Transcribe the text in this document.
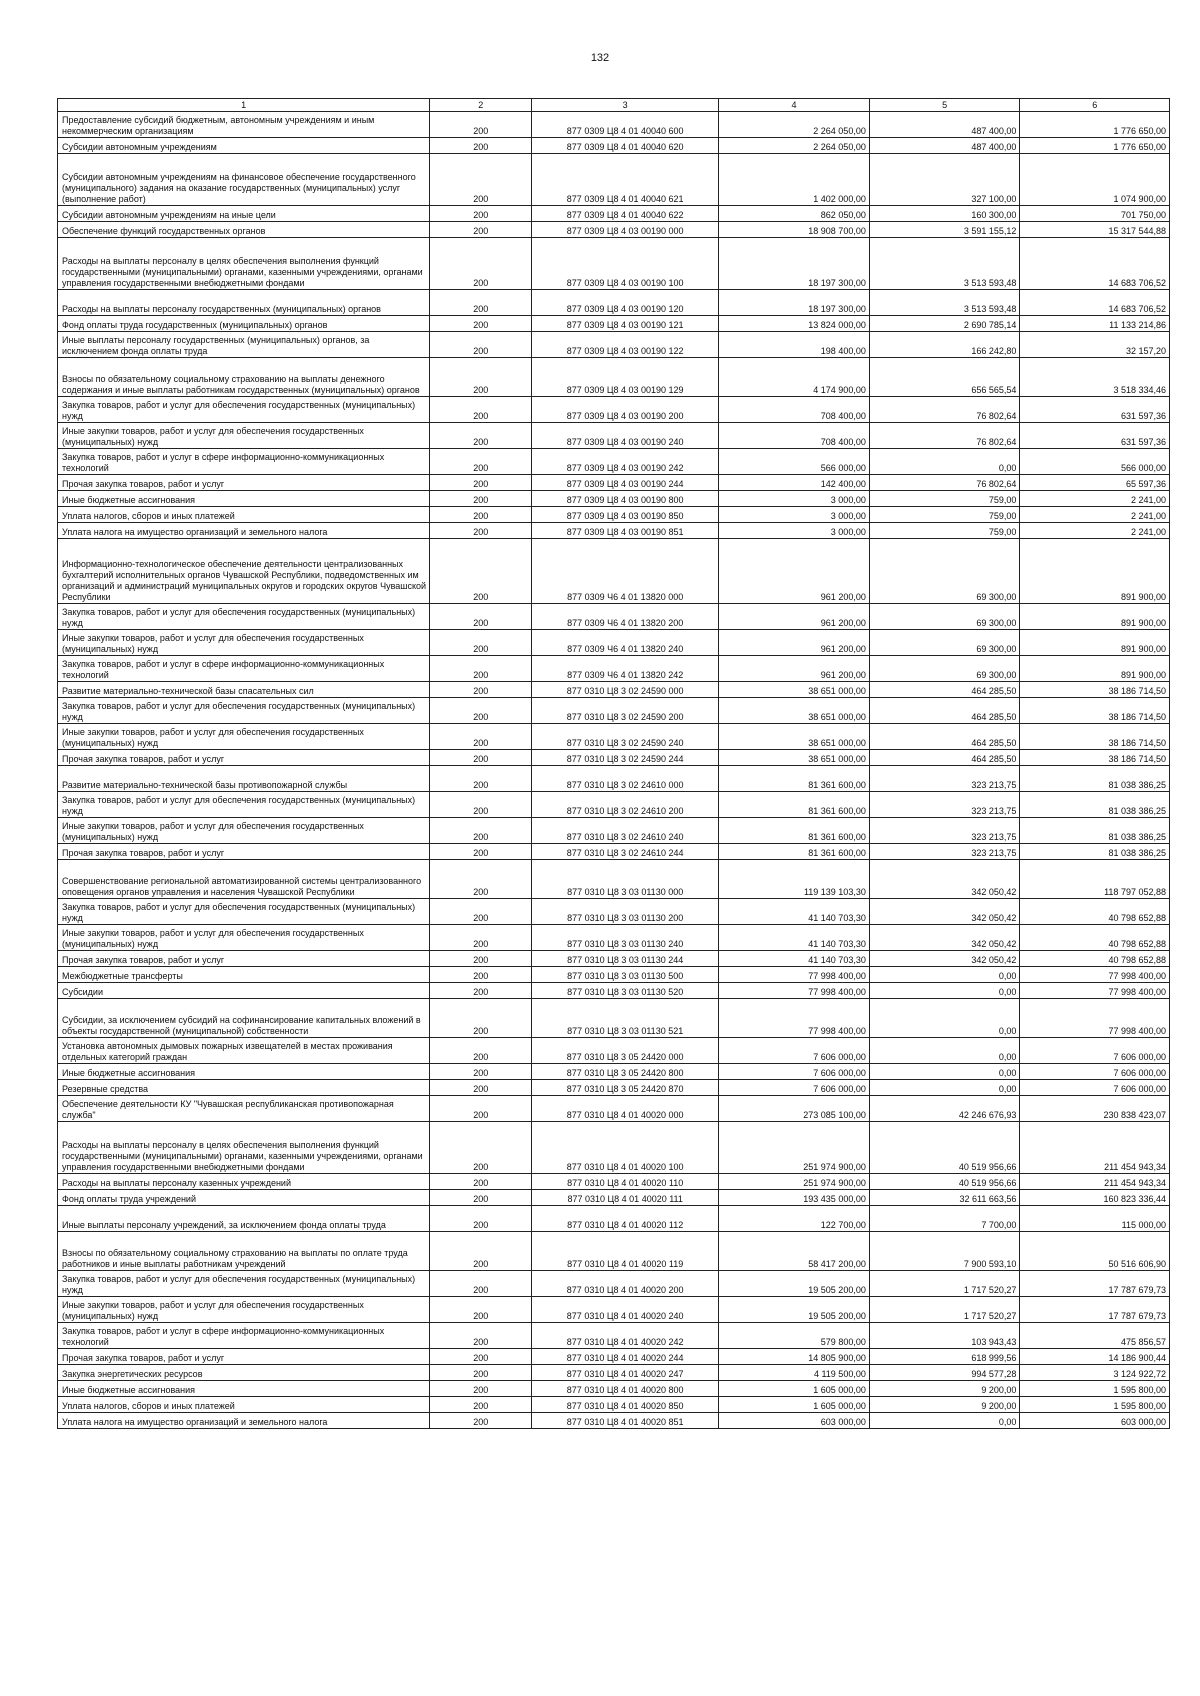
132
1	2	3	4	5	6
Предоставление субсидий бюджетным, автономным учреждениям и иным некоммерческим организациям	200	877 0309 Ц8 4 01 40040 600	2 264 050,00	487 400,00	1 776 650,00
Субсидии автономным учреждениям	200	877 0309 Ц8 4 01 40040 620	2 264 050,00	487 400,00	1 776 650,00
Субсидии автономным учреждениям на финансовое обеспечение государственного (муниципального) задания на оказание государственных (муниципальных) услуг (выполнение работ)	200	877 0309 Ц8 4 01 40040 621	1 402 000,00	327 100,00	1 074 900,00
Субсидии автономным учреждениям на иные цели	200	877 0309 Ц8 4 01 40040 622	862 050,00	160 300,00	701 750,00
Обеспечение функций государственных органов	200	877 0309 Ц8 4 03 00190 000	18 908 700,00	3 591 155,12	15 317 544,88
Расходы на выплаты персоналу в целях обеспечения выполнения функций государственными (муниципальными) органами, казенными учреждениями, органами управления государственными внебюджетными фондами	200	877 0309 Ц8 4 03 00190 100	18 197 300,00	3 513 593,48	14 683 706,52
Расходы на выплаты персоналу государственных (муниципальных) органов	200	877 0309 Ц8 4 03 00190 120	18 197 300,00	3 513 593,48	14 683 706,52
Фонд оплаты труда государственных (муниципальных) органов	200	877 0309 Ц8 4 03 00190 121	13 824 000,00	2 690 785,14	11 133 214,86
Иные выплаты персоналу государственных (муниципальных) органов, за исключением фонда оплаты труда	200	877 0309 Ц8 4 03 00190 122	198 400,00	166 242,80	32 157,20
Взносы по обязательному социальному страхованию на выплаты денежного содержания и иные выплаты работникам государственных (муниципальных) органов	200	877 0309 Ц8 4 03 00190 129	4 174 900,00	656 565,54	3 518 334,46
Закупка товаров, работ и услуг для обеспечения государственных (муниципальных) нужд	200	877 0309 Ц8 4 03 00190 200	708 400,00	76 802,64	631 597,36
Иные закупки товаров, работ и услуг для обеспечения государственных (муниципальных) нужд	200	877 0309 Ц8 4 03 00190 240	708 400,00	76 802,64	631 597,36
Закупка товаров, работ и услуг в сфере информационно-коммуникационных технологий	200	877 0309 Ц8 4 03 00190 242	566 000,00	0,00	566 000,00
Прочая закупка товаров, работ и услуг	200	877 0309 Ц8 4 03 00190 244	142 400,00	76 802,64	65 597,36
Иные бюджетные ассигнования	200	877 0309 Ц8 4 03 00190 800	3 000,00	759,00	2 241,00
Уплата налогов, сборов и иных платежей	200	877 0309 Ц8 4 03 00190 850	3 000,00	759,00	2 241,00
Уплата налога на имущество организаций и земельного налога	200	877 0309 Ц8 4 03 00190 851	3 000,00	759,00	2 241,00
Информационно-технологическое обеспечение деятельности централизованных бухгалтерий исполнительных органов Чувашской Республики, подведомственных им организаций и администраций муниципальных округов и городских округов Чувашской Республики	200	877 0309 Ч6 4 01 13820 000	961 200,00	69 300,00	891 900,00
Закупка товаров, работ и услуг для обеспечения государственных (муниципальных) нужд	200	877 0309 Ч6 4 01 13820 200	961 200,00	69 300,00	891 900,00
Иные закупки товаров, работ и услуг для обеспечения государственных (муниципальных) нужд	200	877 0309 Ч6 4 01 13820 240	961 200,00	69 300,00	891 900,00
Закупка товаров, работ и услуг в сфере информационно-коммуникационных технологий	200	877 0309 Ч6 4 01 13820 242	961 200,00	69 300,00	891 900,00
Развитие материально-технической базы спасательных сил	200	877 0310 Ц8 3 02 24590 000	38 651 000,00	464 285,50	38 186 714,50
Закупка товаров, работ и услуг для обеспечения государственных (муниципальных) нужд	200	877 0310 Ц8 3 02 24590 200	38 651 000,00	464 285,50	38 186 714,50
Иные закупки товаров, работ и услуг для обеспечения государственных (муниципальных) нужд	200	877 0310 Ц8 3 02 24590 240	38 651 000,00	464 285,50	38 186 714,50
Прочая закупка товаров, работ и услуг	200	877 0310 Ц8 3 02 24590 244	38 651 000,00	464 285,50	38 186 714,50
Развитие материально-технической базы противопожарной службы	200	877 0310 Ц8 3 02 24610 000	81 361 600,00	323 213,75	81 038 386,25
Закупка товаров, работ и услуг для обеспечения государственных (муниципальных) нужд	200	877 0310 Ц8 3 02 24610 200	81 361 600,00	323 213,75	81 038 386,25
Иные закупки товаров, работ и услуг для обеспечения государственных (муниципальных) нужд	200	877 0310 Ц8 3 02 24610 240	81 361 600,00	323 213,75	81 038 386,25
Прочая закупка товаров, работ и услуг	200	877 0310 Ц8 3 02 24610 244	81 361 600,00	323 213,75	81 038 386,25
Совершенствование региональной автоматизированной системы централизованного оповещения органов управления и населения Чувашской Республики	200	877 0310 Ц8 3 03 01130 000	119 139 103,30	342 050,42	118 797 052,88
Закупка товаров, работ и услуг для обеспечения государственных (муниципальных) нужд	200	877 0310 Ц8 3 03 01130 200	41 140 703,30	342 050,42	40 798 652,88
Иные закупки товаров, работ и услуг для обеспечения государственных (муниципальных) нужд	200	877 0310 Ц8 3 03 01130 240	41 140 703,30	342 050,42	40 798 652,88
Прочая закупка товаров, работ и услуг	200	877 0310 Ц8 3 03 01130 244	41 140 703,30	342 050,42	40 798 652,88
Межбюджетные трансферты	200	877 0310 Ц8 3 03 01130 500	77 998 400,00	0,00	77 998 400,00
Субсидии	200	877 0310 Ц8 3 03 01130 520	77 998 400,00	0,00	77 998 400,00
Субсидии, за исключением субсидий на софинансирование капитальных вложений в объекты государственной (муниципальной) собственности	200	877 0310 Ц8 3 03 01130 521	77 998 400,00	0,00	77 998 400,00
Установка автономных дымовых пожарных извещателей в местах проживания отдельных категорий граждан	200	877 0310 Ц8 3 05 24420 000	7 606 000,00	0,00	7 606 000,00
Иные бюджетные ассигнования	200	877 0310 Ц8 3 05 24420 800	7 606 000,00	0,00	7 606 000,00
Резервные средства	200	877 0310 Ц8 3 05 24420 870	7 606 000,00	0,00	7 606 000,00
Обеспечение деятельности КУ "Чувашская республиканская противопожарная служба"	200	877 0310 Ц8 4 01 40020 000	273 085 100,00	42 246 676,93	230 838 423,07
Расходы на выплаты персоналу в целях обеспечения выполнения функций государственными (муниципальными) органами, казенными учреждениями, органами управления государственными внебюджетными фондами	200	877 0310 Ц8 4 01 40020 100	251 974 900,00	40 519 956,66	211 454 943,34
Расходы на выплаты персоналу казенных учреждений	200	877 0310 Ц8 4 01 40020 110	251 974 900,00	40 519 956,66	211 454 943,34
Фонд оплаты труда учреждений	200	877 0310 Ц8 4 01 40020 111	193 435 000,00	32 611 663,56	160 823 336,44
Иные выплаты персоналу учреждений, за исключением фонда оплаты труда	200	877 0310 Ц8 4 01 40020 112	122 700,00	7 700,00	115 000,00
Взносы по обязательному социальному страхованию на выплаты по оплате труда работников и иные выплаты работникам учреждений	200	877 0310 Ц8 4 01 40020 119	58 417 200,00	7 900 593,10	50 516 606,90
Закупка товаров, работ и услуг для обеспечения государственных (муниципальных) нужд	200	877 0310 Ц8 4 01 40020 200	19 505 200,00	1 717 520,27	17 787 679,73
Иные закупки товаров, работ и услуг для обеспечения государственных (муниципальных) нужд	200	877 0310 Ц8 4 01 40020 240	19 505 200,00	1 717 520,27	17 787 679,73
Закупка товаров, работ и услуг в сфере информационно-коммуникационных технологий	200	877 0310 Ц8 4 01 40020 242	579 800,00	103 943,43	475 856,57
Прочая закупка товаров, работ и услуг	200	877 0310 Ц8 4 01 40020 244	14 805 900,00	618 999,56	14 186 900,44
Закупка энергетических ресурсов	200	877 0310 Ц8 4 01 40020 247	4 119 500,00	994 577,28	3 124 922,72
Иные бюджетные ассигнования	200	877 0310 Ц8 4 01 40020 800	1 605 000,00	9 200,00	1 595 800,00
Уплата налогов, сборов и иных платежей	200	877 0310 Ц8 4 01 40020 850	1 605 000,00	9 200,00	1 595 800,00
Уплата налога на имущество организаций и земельного налога	200	877 0310 Ц8 4 01 40020 851	603 000,00	0,00	603 000,00
